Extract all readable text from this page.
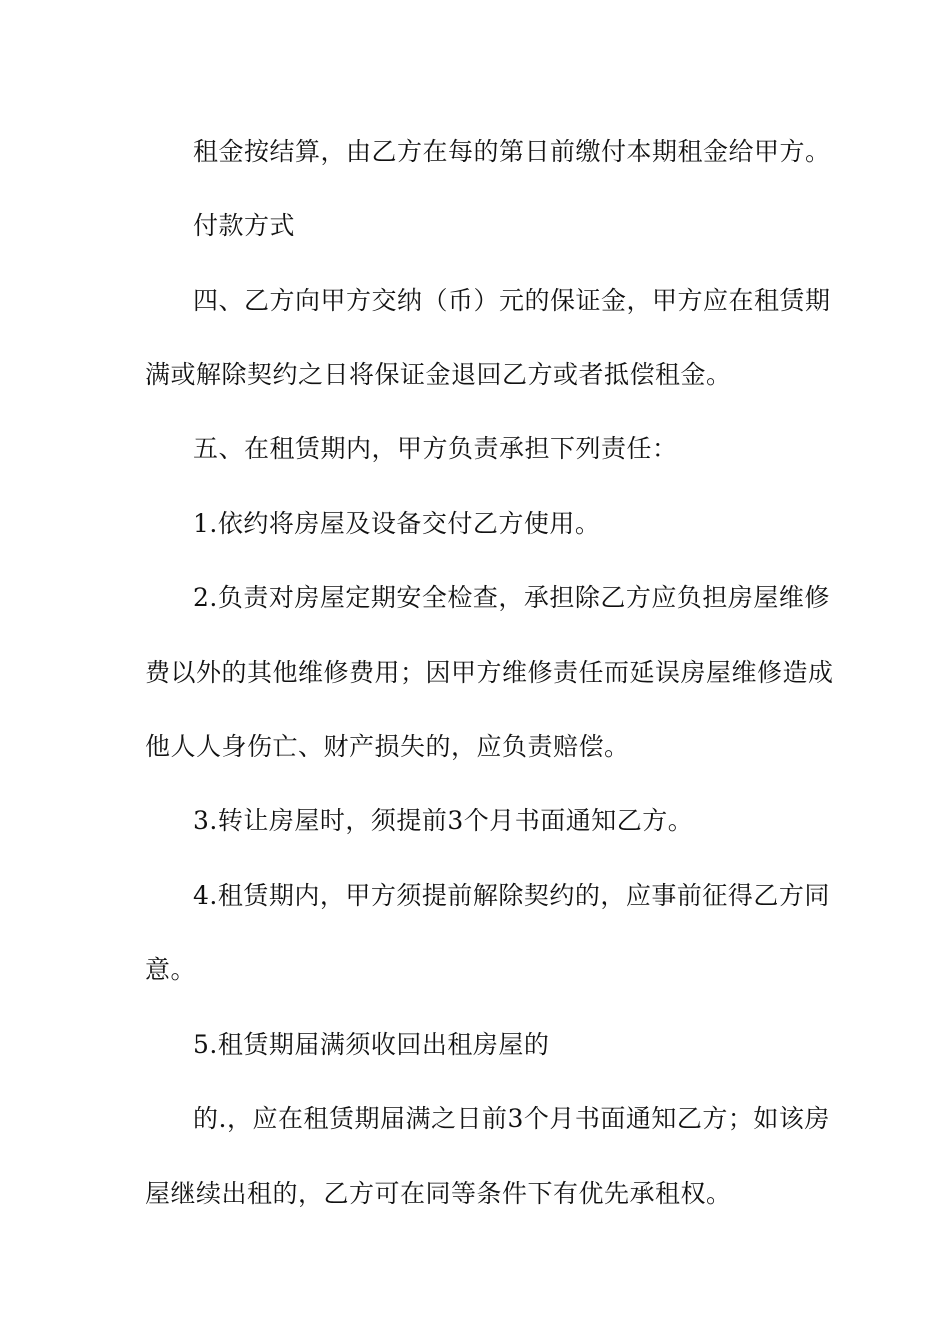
租金按结算，由乙方在每的第日前缴付本期租金给甲方。
付款方式
四、乙方向甲方交纳（币）元的保证金，甲方应在租赁期
满或解除契约之日将保证金退回乙方或者抵偿租金。
五、在租赁期内，甲方负责承担下列责任：
1.依约将房屋及设备交付乙方使用。
2.负责对房屋定期安全检查，承担除乙方应负担房屋维修
费以外的其他维修费用；因甲方维修责任而延误房屋维修造成
他人人身伤亡、财产损失的，应负责赔偿。
3.转让房屋时，须提前3个月书面通知乙方。
4.租赁期内，甲方须提前解除契约的，应事前征得乙方同
意。
5.租赁期届满须收回出租房屋的
的.，应在租赁期届满之日前3个月书面通知乙方；如该房
屋继续出租的，乙方可在同等条件下有优先承租权。
